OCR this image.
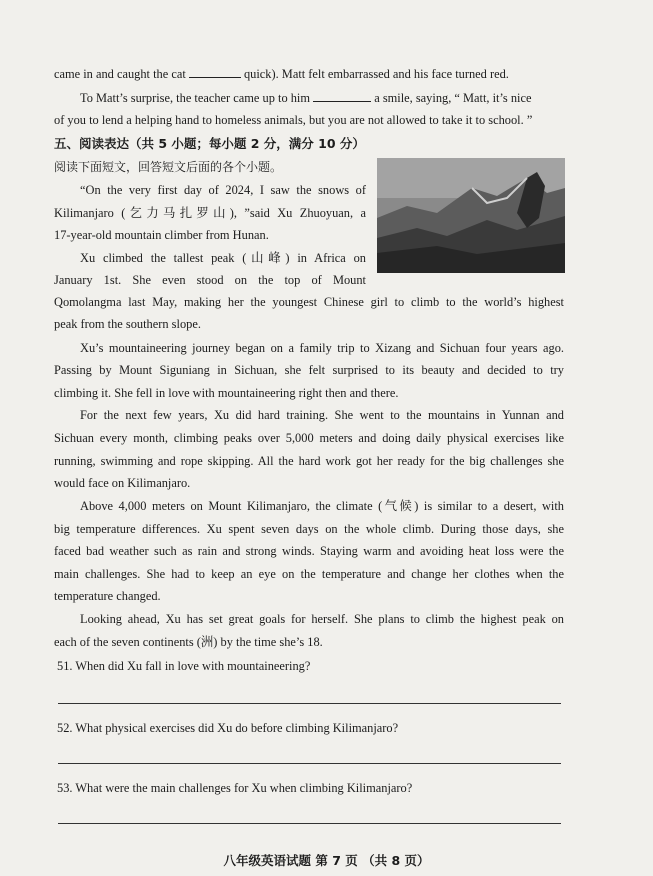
came in and caught the cat	quick). Matt felt embarrassed and his face turned red.
To Matt’s surprise, the teacher came up to him	a smile, saying, “ Matt, it’s nice
of you to lend a helping hand to homeless animals, but you are not allowed to take it to school. ”
五、阅读表达（共 5 小题；每小题 2 分，满分 10 分）
阅读下面短文，回答短文后面的各个小题。
“On the very first day of 2024, I saw the snows of
Kilimanjaro (乞力马扎罗山), ”said Xu Zhuoyuan, a
17-year-old mountain climber from Hunan.
Xu climbed the tallest peak (山峰) in Africa on
January 1st. She even stood on the top of Mount
Qomolangma last May, making her the youngest Chinese girl to climb to the world’s highest
peak from the southern slope.
Xu’s mountaineering journey began on a family trip to Xizang and Sichuan four years ago.
Passing by Mount Siguniang in Sichuan, she felt surprised to its beauty and decided to try
climbing it. She fell in love with mountaineering right then and there.
For the next few years, Xu did hard training. She went to the mountains in Yunnan and
Sichuan every month, climbing peaks over 5,000 meters and doing daily physical exercises like
running, swimming and rope skipping. All the hard work got her ready for the big challenges she
would face on Kilimanjaro.
Above 4,000 meters on Mount Kilimanjaro, the climate (气候) is similar to a desert, with
big temperature differences. Xu spent seven days on the whole climb. During those days, she
faced bad weather such as rain and strong winds. Staying warm and avoiding heat loss were the
main challenges. She had to keep an eye on the temperature and change her clothes when the
temperature changed.
Looking ahead, Xu has set great goals for herself. She plans to climb the highest peak on
each of the seven continents (洲) by the time she’s 18.
51. When did Xu fall in love with mountaineering?
52. What physical exercises did Xu do before climbing Kilimanjaro?
53. What were the main challenges for Xu when climbing Kilimanjaro?
八年级英语试题 第 7 页 （共 8 页）
